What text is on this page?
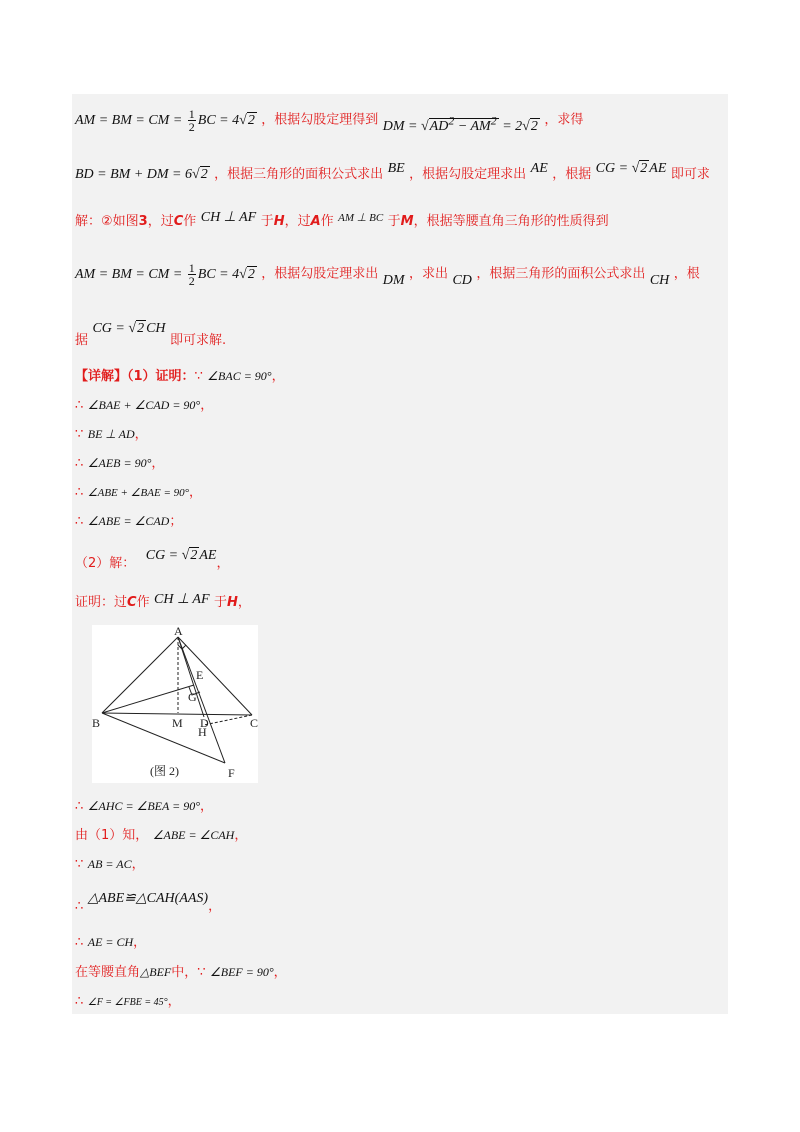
AM = BM = CM = $\frac{1}{2}$ BC = 4√2 ，根据勾股定理得到 DM = $√AD^2 - AM^2 = 2√2$ ，求得
BD = BM + DM = 6√2 ，根据三角形的面积公式求出 BE ，根据勾股定理求出 AE ，根据 CG = √2 AE 即可求
解：②如图3，过C作 CH ⊥ AF 于H，过A作 $^{AM \perp BC}$ 于M，根据等腰直角三角形的性质得到
AM = BM = CM = $\frac{1}{2}$ BC = 4√2 ，根据勾股定理求出 DM ，求出 CD ，根据三角形的面积公式求出 CH ，根
据 CG = √2 CH 即可求解.
【详解】（1）证明：∵ ∠BAC = 90°，
∴ ∠BAE + ∠CAD = 90°，
∵ BE ⊥ AD，
∴ ∠AEB = 90°，
∴ ∠ABE + ∠BAE = 90°，
∴ ∠ABE = ∠CAD；
（2）解： CG = √2 AE，
证明：过C作 CH ⊥ AF 于H，
A
B	C
M D
E
G
H
F
(图 2)
∴ ∠AHC = ∠BEA = 90°，
由（1）知， ∠ABE = ∠CAH，
∵ AB = AC，
∴ △ABE≌△CAH(AAS)，
∴ AE = CH，
在等腰直角△BEF中，∵ ∠BEF = 90°，
∴ ∠F = ∠FBE = 45°，
